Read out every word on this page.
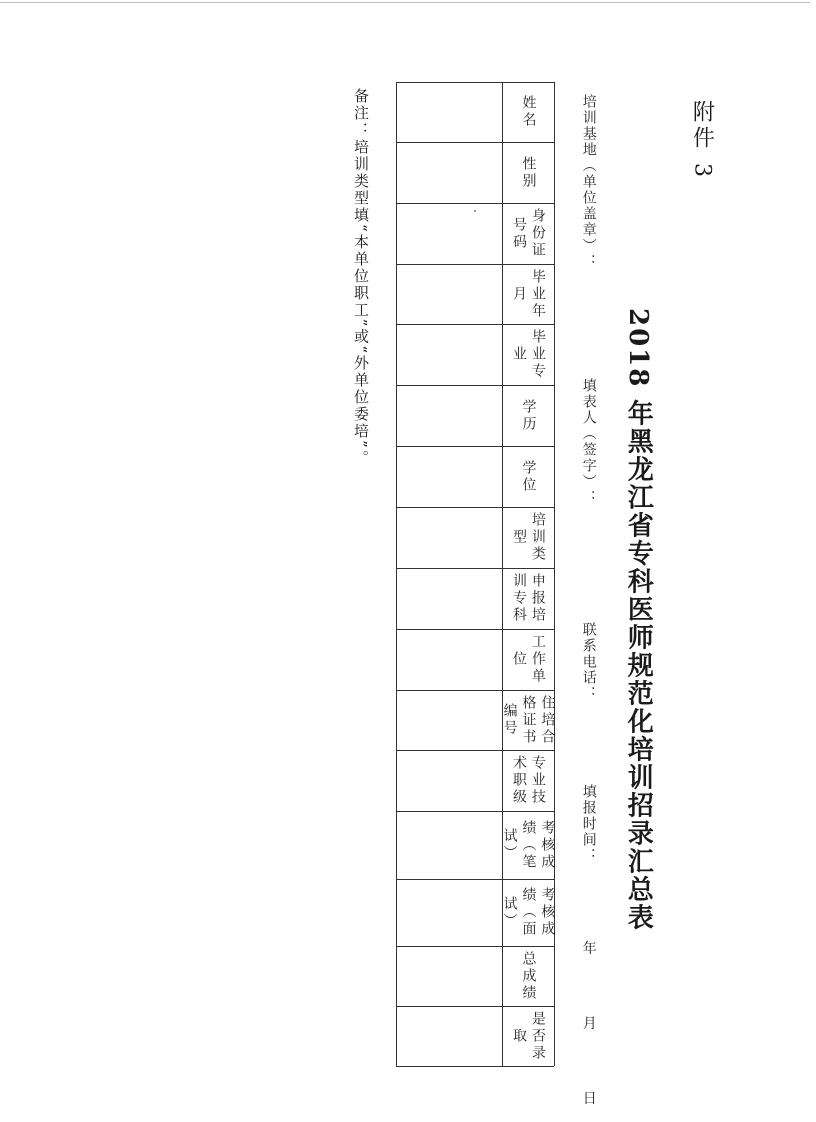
附件 3
2018 年黑龙江省专科医师规范化培训招录汇总表
培训基地（单位盖章）：
填表人（签字）：
联系电话：
填报时间：  年  月  日
姓名
性别
身份证号码
毕业年月
毕业专业
学历
学位
培训类型
申报培训专科
工作单位
住培合格证书编号
专业技术职级
考核成绩（笔试）
考核成绩（面试）
总成绩
是否录取
备注：培训类型填“本单位职工”或“外单位委培”。
